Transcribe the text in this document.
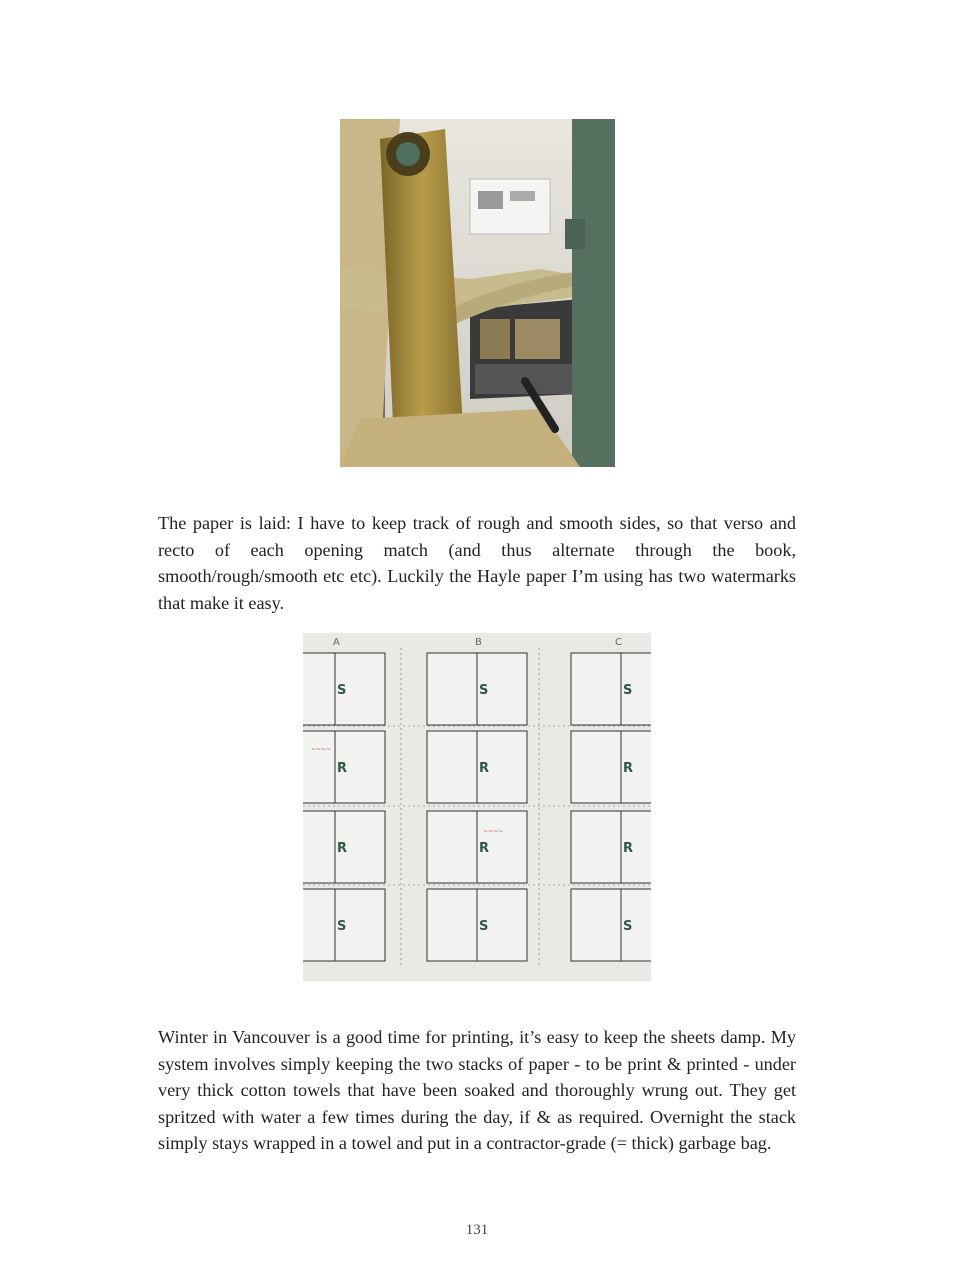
The paper is laid: I have to keep track of rough and smooth sides, so that verso and recto of each opening match (and thus alternate through the book, smooth/rough/smooth etc etc). Luckily the Hayle paper I’m using has two watermarks that make it easy.

A	B	C
S	S	S
R	R	R
R	R	R
S	S	S
~~~~
~~~~

Winter in Vancouver is a good time for printing, it’s easy to keep the sheets damp. My system involves simply keeping the two stacks of paper - to be print & printed - under very thick cotton towels that have been soaked and thoroughly wrung out. They get spritzed with water a few times during the day, if & as required. Overnight the stack simply stays wrapped in a towel and put in a contractor-grade (= thick) garbage bag.

131
